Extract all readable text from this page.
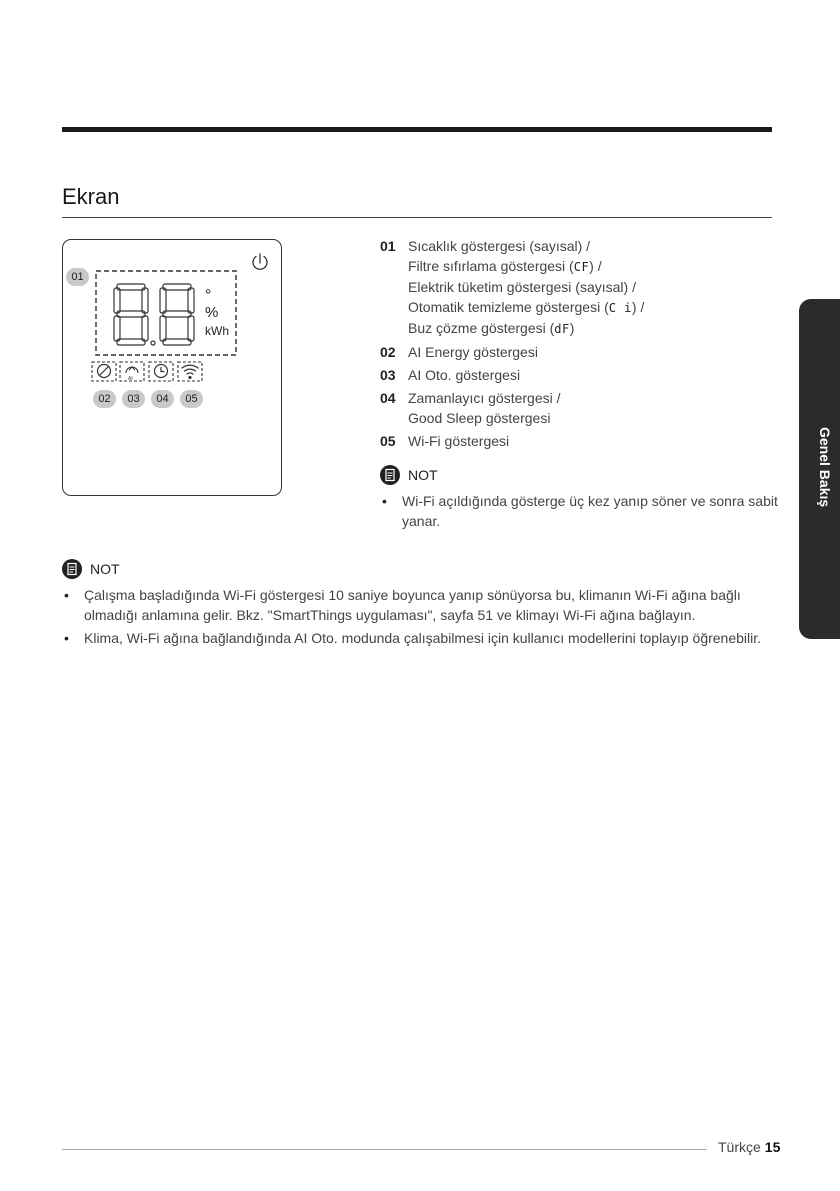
Ekran
°
%
kWh
AI
01
02	03	04	05
01 Sıcaklık göstergesi (sayısal) /
Filtre sıfırlama göstergesi (CF) /
Elektrik tüketim göstergesi (sayısal) /
Otomatik temizleme göstergesi (C i) /
Buz çözme göstergesi (dF)
02 AI Energy göstergesi
03 AI Oto. göstergesi
04 Zamanlayıcı göstergesi /
Good Sleep göstergesi
05 Wi-Fi göstergesi
NOT
• Wi-Fi açıldığında gösterge üç kez yanıp söner ve sonra sabit yanar.
NOT
• Çalışma başladığında Wi-Fi göstergesi 10 saniye boyunca yanıp sönüyorsa bu, klimanın Wi-Fi ağına bağlı olmadığı anlamına gelir. Bkz. "SmartThings uygulaması", sayfa 51 ve klimayı Wi-Fi ağına bağlayın.
• Klima, Wi-Fi ağına bağlandığında AI Oto. modunda çalışabilmesi için kullanıcı modellerini toplayıp öğrenebilir.
Genel Bakış
Türkçe 15
